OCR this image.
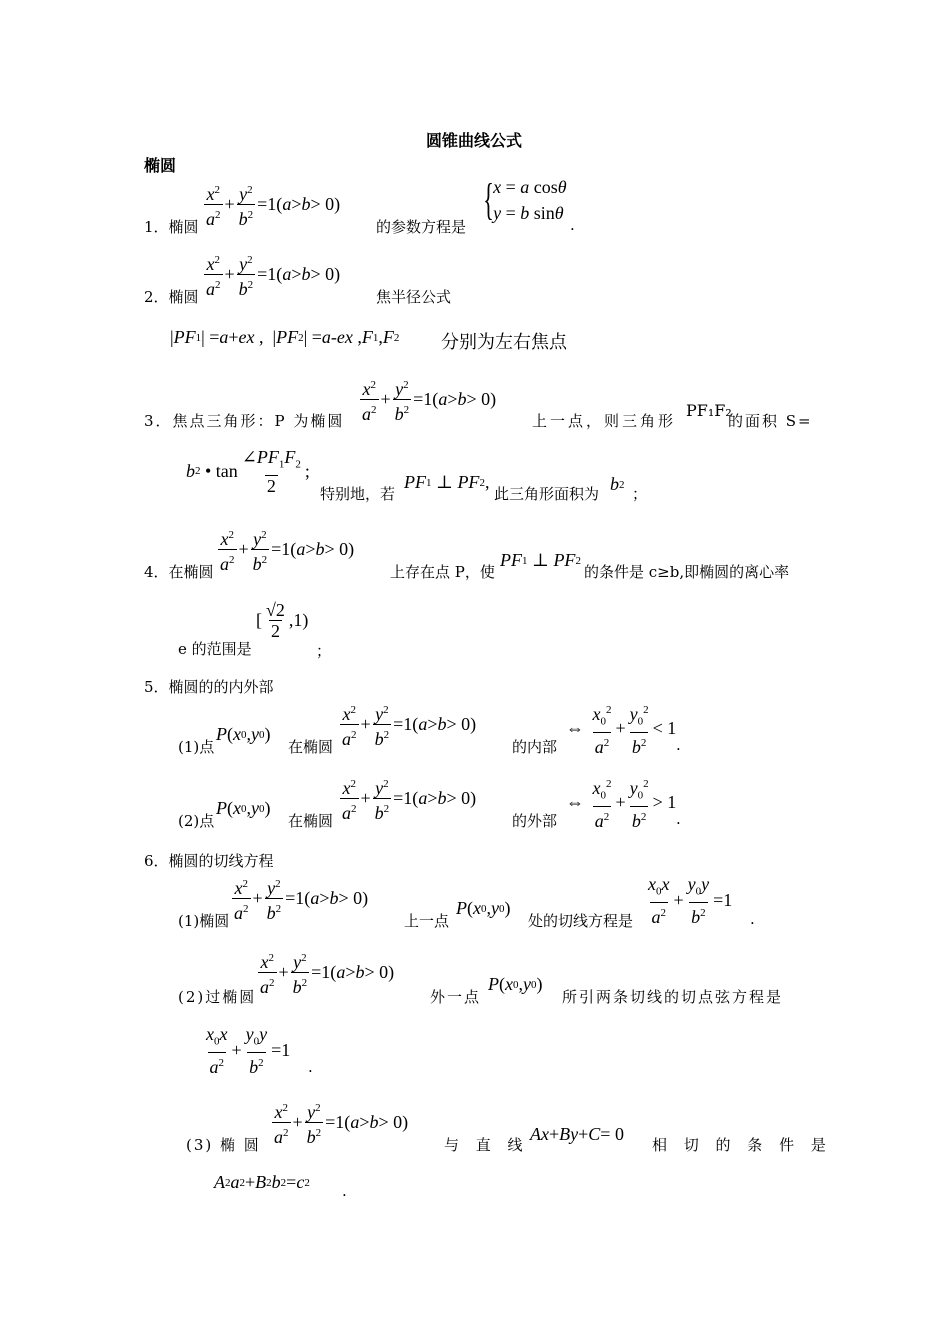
圆锥曲线公式
椭圆
1．椭圆 $\frac{x^2}{a^2} + \frac{y^2}{b^2} =1$( a > b > 0)
的参数方程是
{ x = a cosθ
y = b sinθ
.
2．椭圆 $\frac{x^2}{a^2} + \frac{y^2}{b^2} =1$( a > b > 0)
焦半径公式
| PF 1 | = a + ex ,  | PF 2 | = a - ex , F 1 , F 2 分别为左右焦点
3．焦点三角形：P 为椭圆 $\frac{x^2}{a^2} + \frac{y^2}{b^2} =1$( a > b > 0)
上一点，则三角形
PF₁F₂
的面积 S=
b 2 • $\tan \frac{\angle PF_1F_2}{2}$ ;
特别地，若
PF 1 ⊥ PF 2 ,
此三角形面积为 b 2
；
4．在椭圆 $\frac{x^2}{a^2} + \frac{y^2}{b^2} =1$( a > b > 0)
上存在点 P，使
PF 1 ⊥ PF 2
的条件是 c≥b,即椭圆的离心率
e 的范围是
[ $\frac{√2}{2} ,1$)
；
5．椭圆的的内外部
(1)点
P ( x 0 , y 0 )
在椭圆 $\frac{x^2}{a^2} + \frac{y^2}{b^2} =1$( a > b > 0)
的内部
⇔ $\frac{x_0^2}{a^2} + \frac{y_0^2}{b^2} < 1$
.
(2)点
P ( x 0 , y 0 )
在椭圆 $\frac{x^2}{a^2} + \frac{y^2}{b^2} =1$( a > b > 0)
的外部
⇔ $\frac{x_0^2}{a^2} + \frac{y_0^2}{b^2} > 1$
.
6．椭圆的切线方程
(1)椭圆 $\frac{x^2}{a^2} + \frac{y^2}{b^2} =1$( a > b > 0)
上一点
P ( x 0 , y 0 )
处的切线方程是 $\frac{x_0x}{a^2} + \frac{y_0y}{b^2} =1$
.
(2)过椭圆 $\frac{x^2}{a^2} + \frac{y^2}{b^2} =1$( a > b > 0)
外一点
P ( x 0 , y 0 )
所引两条切线的切点弦方程是
$\frac{x_0x}{a^2} + \frac{y_0y}{b^2} =1$
.
(3) 椭 圆 $\frac{x^2}{a^2} + \frac{y^2}{b^2} =1$( a > b > 0)
与 直 线
Ax + By + C = 0
相 切 的 条 件 是
A 2 a 2 + B 2 b 2 = c 2 .
